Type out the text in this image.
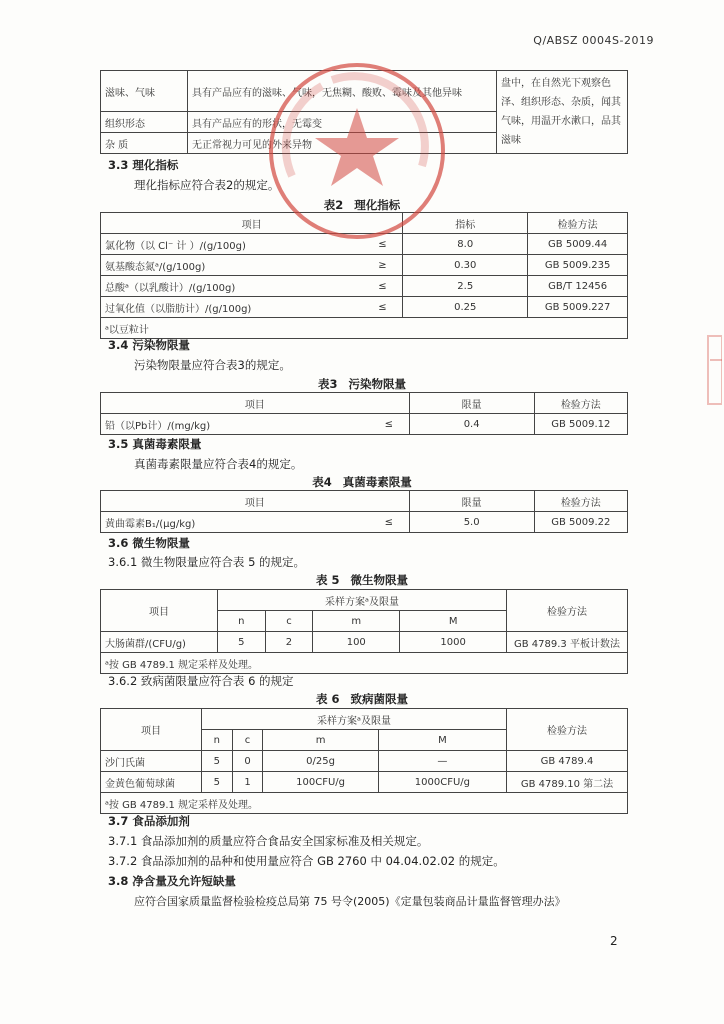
Q/ABSZ 0004S-2019
滋味、气味	具有产品应有的滋味、气味，无焦糊、酸败、霉味及其他异味	盘中，在自然光下观察色泽、组织形态、杂质，闻其气味，用温开水漱口，品其滋味
组织形态	具有产品应有的形状，无霉变	
杂 质	无正常视力可见的外来异物	
3.3 理化指标
理化指标应符合表2的规定。
表2 理化指标
项目		指标	检验方法
氯化物（以 Cl⁻ 计 ）/(g/100g)	≤	8.0	GB 5009.44
氨基酸态氮ᵃ/(g/100g)	≥	0.30	GB 5009.235
总酸ᵃ（以乳酸计）/(g/100g)	≤	2.5	GB/T 12456
过氧化值（以脂肪计）/(g/100g)	≤	0.25	GB 5009.227
ᵃ以豆粒计			
3.4 污染物限量
污染物限量应符合表3的规定。
表3 污染物限量
项目		限量	检验方法
铅（以Pb计）/(mg/kg)	≤	0.4	GB 5009.12
3.5 真菌毒素限量
真菌毒素限量应符合表4的规定。
表4 真菌毒素限量
项目		限量	检验方法
黄曲霉素B₁/(μg/kg)	≤	5.0	GB 5009.22
3.6 微生物限量
3.6.1 微生物限量应符合表 5 的规定。
表 5 微生物限量
项目	采样方案ᵃ及限量				检验方法
	n	c	m	M	
大肠菌群/(CFU/g)	5	2	100	1000	GB 4789.3 平板计数法
ᵃ按 GB 4789.1 规定采样及处理。					
3.6.2 致病菌限量应符合表 6 的规定
表 6 致病菌限量
项目	采样方案ᵃ及限量				检验方法
	n	c	m	M	
沙门氏菌	5	0	0/25g	—	GB 4789.4
金黄色葡萄球菌	5	1	100CFU/g	1000CFU/g	GB 4789.10 第二法
ᵃ按 GB 4789.1 规定采样及处理。					
3.7 食品添加剂
3.7.1 食品添加剂的质量应符合食品安全国家标准及相关规定。
3.7.2 食品添加剂的品种和使用量应符合 GB 2760 中 04.04.02.02 的规定。
3.8 净含量及允许短缺量
应符合国家质量监督检验检疫总局第 75 号令(2005)《定量包装商品计量监督管理办法》
2
